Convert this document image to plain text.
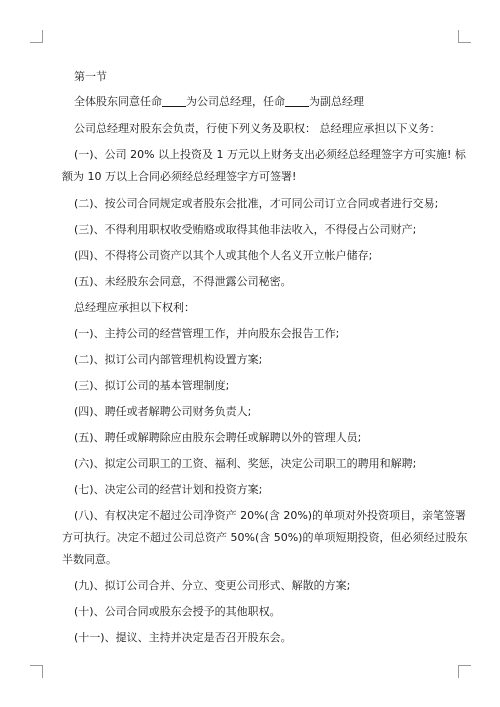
第一节
全体股东同意任命 为公司总经理，任命 为副总经理
公司总经理对股东会负责，行使下列义务及职权： 总经理应承担以下义务：
(一)、公司 20% 以上投资及 1 万元以上财务支出必须经总经理签字方可实施! 标
额为 10 万以上合同必须经总经理签字方可签署!
(二)、按公司合同规定或者股东会批准，才可同公司订立合同或者进行交易;
(三)、不得利用职权收受贿赂或取得其他非法收入，不得侵占公司财产;
(四)、不得将公司资产以其个人或其他个人名义开立帐户储存;
(五)、未经股东会同意，不得泄露公司秘密。
总经理应承担以下权利：
(一)、主持公司的经营管理工作，并向股东会报告工作;
(二)、拟订公司内部管理机构设置方案;
(三)、拟订公司的基本管理制度;
(四)、聘任或者解聘公司财务负责人;
(五)、聘任或解聘除应由股东会聘任或解聘以外的管理人员;
(六)、拟定公司职工的工资、福利、奖惩，决定公司职工的聘用和解聘;
(七)、决定公司的经营计划和投资方案;
(八)、有权决定不超过公司净资产 20%(含 20%)的单项对外投资项目，亲笔签署
方可执行。决定不超过公司总资产 50%(含 50%)的单项短期投资，但必须经过股东
半数同意。
(九)、拟订公司合并、分立、变更公司形式、解散的方案;
(十)、公司合同或股东会授予的其他职权。
(十一)、提议、主持并决定是否召开股东会。
